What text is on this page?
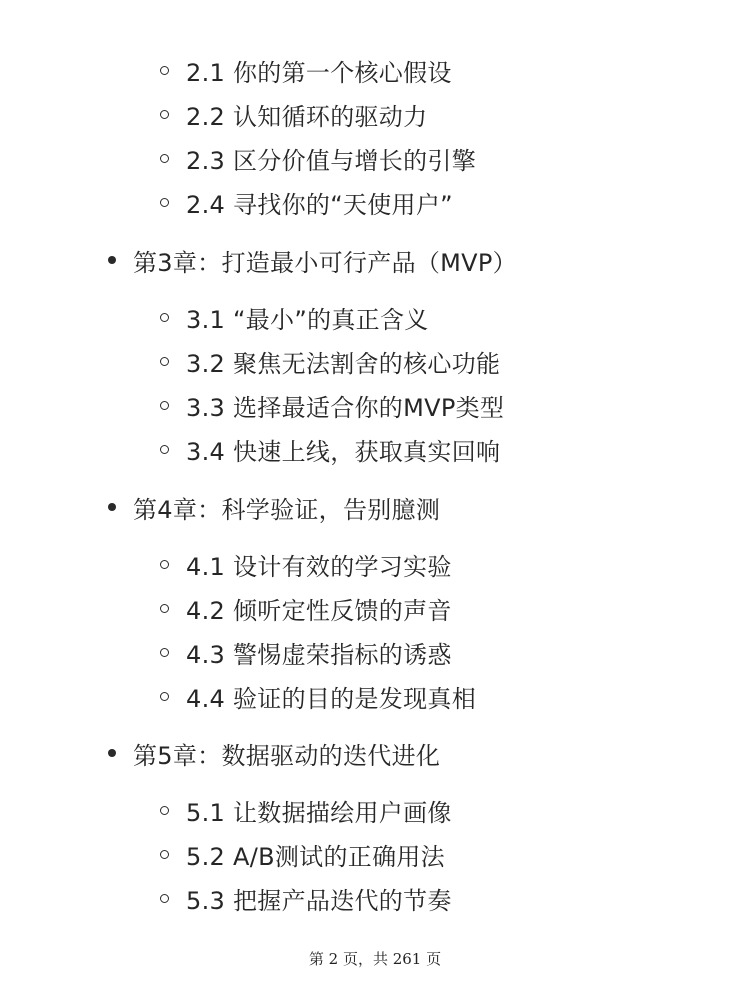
2.1 你的第一个核心假设
2.2 认知循环的驱动力
2.3 区分价值与增长的引擎
2.4 寻找你的“天使用户”
第3章：打造最小可行产品（MVP）
3.1 “最小”的真正含义
3.2 聚焦无法割舍的核心功能
3.3 选择最适合你的MVP类型
3.4 快速上线，获取真实回响
第4章：科学验证，告别臆测
4.1 设计有效的学习实验
4.2 倾听定性反馈的声音
4.3 警惕虚荣指标的诱惑
4.4 验证的目的是发现真相
第5章：数据驱动的迭代进化
5.1 让数据描绘用户画像
5.2 A/B测试的正确用法
5.3 把握产品迭代的节奏
第 2 页，共 261 页
